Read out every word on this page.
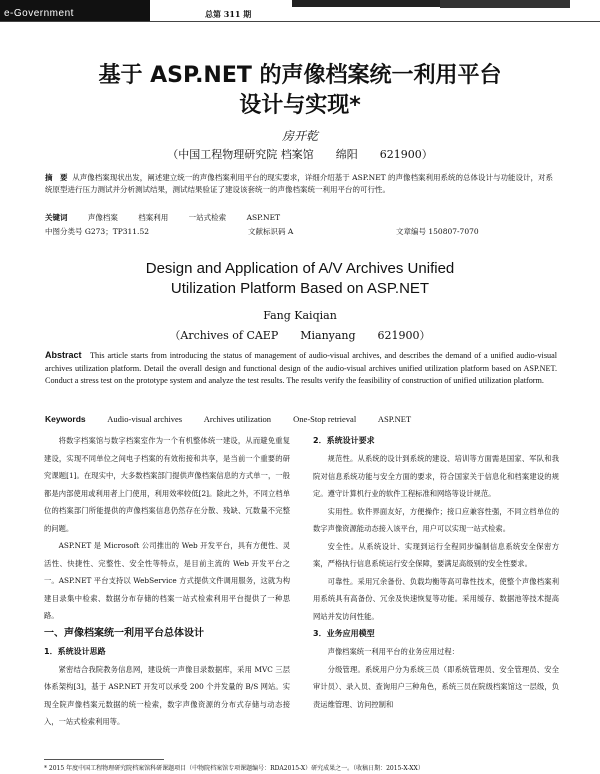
e-Government	总第 311 期
基于 ASP.NET 的声像档案统一利用平台
设计与实现*
房开乾
（中国工程物理研究院 档案馆　　绵阳　　621900）
摘　要 从声像档案现状出发，阐述建立统一的声像档案利用平台的现实要求，详细介绍基于 ASP.NET 的声像档案利用系统的总体设计与功能设计，对系统原型进行压力测试并分析测试结果，测试结果验证了建设该套统一的声像档案统一利用平台的可行性。
关键词	声像档案	档案利用	一站式检索	ASP.NET
中图分类号 G273；TP311.52	文献标识码 A	文章编号 150807-7070
Design and Application of A/V Archives Unified
Utilization Platform Based on ASP.NET
Fang Kaiqian
（Archives of CAEP　　Mianyang　　621900）
Abstract This article starts from introducing the status of management of audio-visual archives, and describes the demand of a unified audio-visual archives utilization platform. Detail the overall design and functional design of the audio-visual archives unified utilization platform based on ASP.NET. Conduct a stress test on the prototype system and analyze the test results. The results verify the feasibility of construction of unified utilization platform.
Keywords	Audio-visual archives	Archives utilization	One-Stop retrieval	ASP.NET

将数字档案馆与数字档案室作为一个有机整体统一建设，从而避免重复建设，实现不同单位之间电子档案的有效衔接和共享，是当前一个重要的研究课题[1]。在现实中，大多数档案部门提供声像档案信息的方式单一，一般都是内部使用或利用者上门使用，利用效率较低[2]。除此之外，不同立档单位的档案部门所能提供的声像档案信息仍然存在分散、残缺、冗数量不完整的问题。

ASP.NET 是 Microsoft 公司推出的 Web 开发平台，具有方便性、灵活性、快捷性、完整性、安全性等特点，是目前主流的 Web 开发平台之一。ASP.NET 平台支持以 WebService 方式提供文件调用服务，这就为构建目录集中检索、数据分布存储的档案一站式检索利用平台提供了一种思路。

一、声像档案统一利用平台总体设计
1．系统设计思路

紧密结合我院教务信息网，建设统一声像目录数据库，采用 MVC 三层体系架构[3]，基于 ASP.NET 开发可以承受 200 个并发量的 B/S 网站。实现全院声像档案元数据的统一检索，数字声像资源的分布式存储与动态接入，一站式检索利用等。

2．系统设计要求

规范性。从系统的设计到系统的建设、培训等方面需是国家、军队和我院对信息系统功能与安全方面的要求，符合国家关于信息化和档案建设的规定。遵守计算机行业的软件工程标准和网络等设计规范。

实用性。软件界面友好，方便操作；接口应兼容性强，不同立档单位的数字声像资源能动态接入该平台，用户可以实现一站式检索。

安全性。从系统设计、实现到运行全程同步编制信息系统安全保密方案，严格执行信息系统运行安全保障，要满足高级别的安全性要求。

可靠性。采用冗余备份、负载均衡等高可靠性技术，使整个声像档案利用系统具有高备份、冗余及快速恢复等功能。采用缓存、数据池等技术提高网站并发访问性能。

3．业务应用模型

声像档案统一利用平台的业务应用过程：

分级管理。系统用户分为系统三员（即系统管理员、安全管理员、安全审计员）、录入员、查询用户三种角色，系统三员在院级档案馆这一层级，负责运维管理、访问控制和

* 2015 年度中国工程物理研究院档案馆科研课题项目（中物院档案馆专项课题编号：RDA2015-X）研究成果之一。（收稿日期：2015-X-XX）
